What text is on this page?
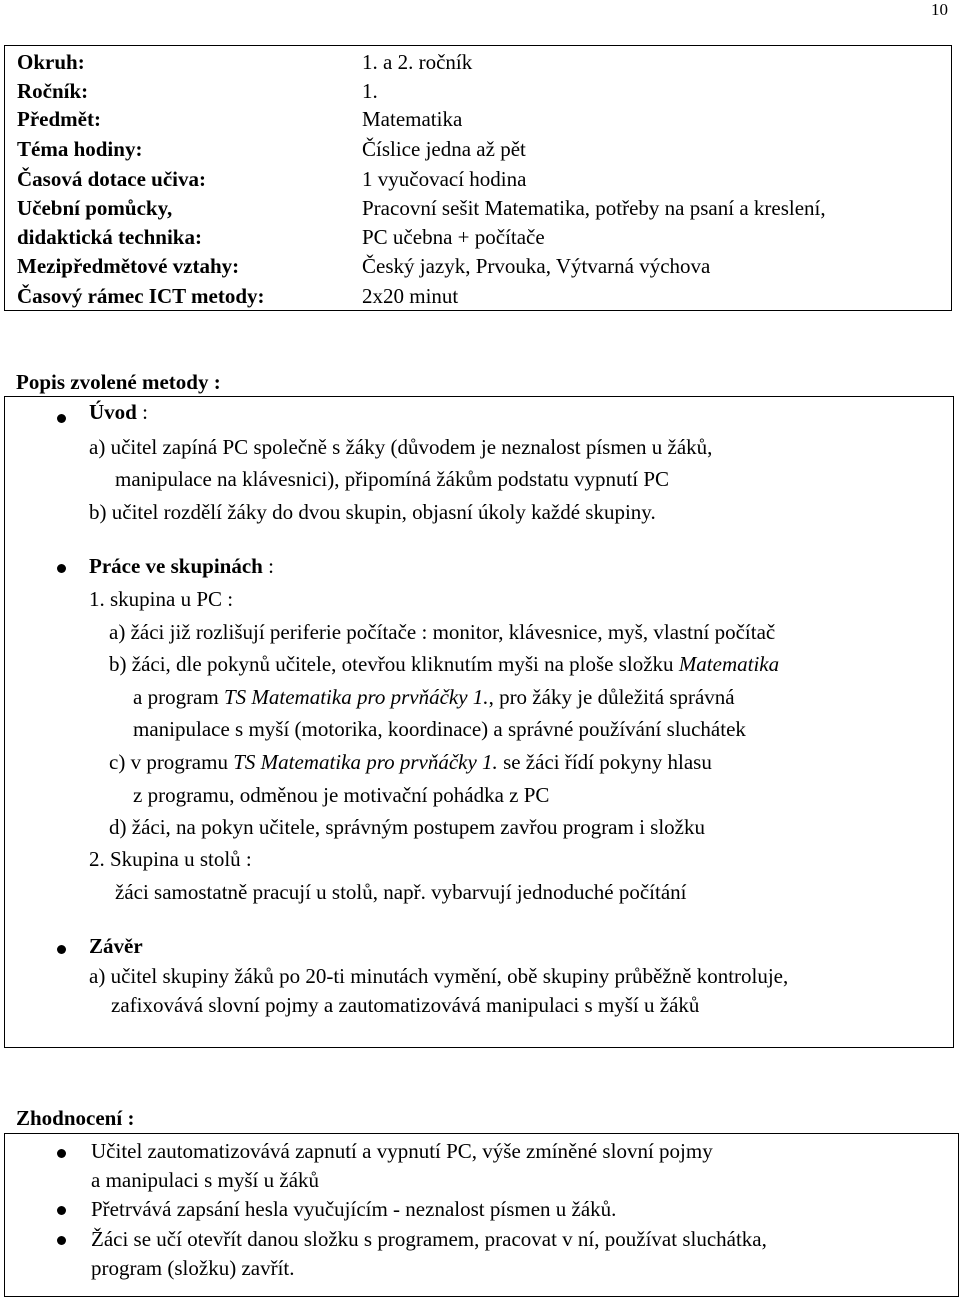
10
Okruh:	1. a 2. ročník
Ročník:	1.
Předmět:	Matematika
Téma hodiny:	Číslice jedna až pět
Časová dotace učiva:	1 vyučovací hodina
Učební pomůcky,	Pracovní sešit Matematika, potřeby na psaní a kreslení,
didaktická technika:	PC učebna + počítače
Mezipředmětové vztahy:	Český jazyk, Prvouka, Výtvarná výchova
Časový rámec ICT metody:	2x20 minut
Popis zvolené metody :
Úvod :
a) učitel zapíná PC společně s žáky (důvodem je neznalost písmen u žáků,
manipulace na klávesnici), připomíná žákům podstatu vypnutí PC
b) učitel rozdělí žáky do dvou skupin, objasní úkoly každé skupiny.
Práce ve skupinách :
1. skupina u PC :
a) žáci již rozlišují periferie počítače : monitor, klávesnice, myš, vlastní počítač
b) žáci, dle pokynů učitele, otevřou kliknutím myši na ploše složku Matematika
a program TS Matematika pro prvňáčky 1., pro žáky je důležitá správná
manipulace s myší (motorika, koordinace) a správné používání sluchátek
c) v programu TS Matematika pro prvňáčky 1. se žáci řídí pokyny hlasu
z programu, odměnou je motivační pohádka z PC
d) žáci, na pokyn učitele, správným postupem zavřou program i složku
2. Skupina u stolů :
žáci samostatně pracují u stolů, např. vybarvují jednoduché počítání
Závěr
a) učitel skupiny žáků po 20-ti minutách vymění, obě skupiny průběžně kontroluje,
zafixovává slovní pojmy a zautomatizovává manipulaci s myší u žáků
Zhodnocení :
Učitel zautomatizovává zapnutí a vypnutí PC, výše zmíněné slovní pojmy
a manipulaci s myší u žáků
Přetrvává zapsání hesla vyučujícím - neznalost písmen u žáků.
Žáci se učí otevřít danou složku s programem, pracovat v ní, používat sluchátka,
program (složku) zavřít.
